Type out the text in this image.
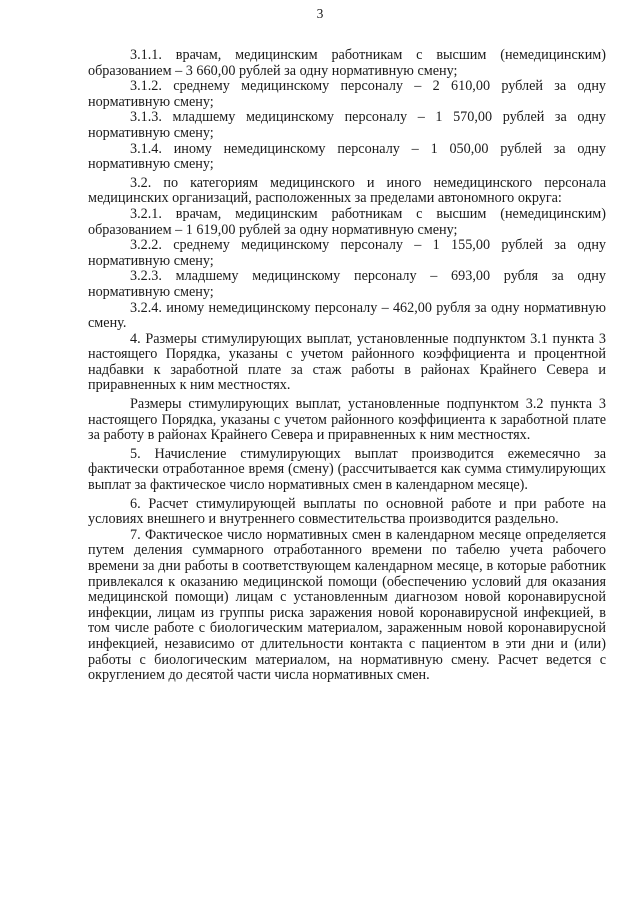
3

3.1.1. врачам, медицинским работникам с высшим (немедицинским) образованием – 3 660,00 рублей за одну нормативную смену;

3.1.2. среднему медицинскому персоналу – 2 610,00 рублей за одну нормативную смену;

3.1.3. младшему медицинскому персоналу – 1 570,00 рублей за одну нормативную смену;

3.1.4. иному немедицинскому персоналу – 1 050,00 рублей за одну нормативную смену;

3.2. по категориям медицинского и иного немедицинского персонала медицинских организаций, расположенных за пределами автономного округа:

3.2.1. врачам, медицинским работникам с высшим (немедицинским) образованием – 1 619,00 рублей за одну нормативную смену;

3.2.2. среднему медицинскому персоналу – 1 155,00 рублей за одну нормативную смену;

3.2.3. младшему медицинскому персоналу – 693,00 рубля за одну нормативную смену;

3.2.4. иному немедицинскому персоналу – 462,00 рубля за одну нормативную смену.

4. Размеры стимулирующих выплат, установленные подпунктом 3.1 пункта 3 настоящего Порядка, указаны с учетом районного коэффициента и процентной надбавки к заработной плате за стаж работы в районах Крайнего Севера и приравненных к ним местностях.

Размеры стимулирующих выплат, установленные подпунктом 3.2 пункта 3 настоящего Порядка, указаны с учетом районного коэффициента к заработной плате за работу в районах Крайнего Севера и приравненных к ним местностях.

5. Начисление стимулирующих выплат производится ежемесячно за фактически отработанное время (смену) (рассчитывается как сумма стимулирующих выплат за фактическое число нормативных смен в календарном месяце).

6. Расчет стимулирующей выплаты по основной работе и при работе на условиях внешнего и внутреннего совместительства производится раздельно.

7. Фактическое число нормативных смен в календарном месяце определяется путем деления суммарного отработанного времени по табелю учета рабочего времени за дни работы в соответствующем календарном месяце, в которые работник привлекался к оказанию медицинской помощи (обеспечению условий для оказания медицинской помощи) лицам с установленным диагнозом новой коронавирусной инфекции, лицам из группы риска заражения новой коронавирусной инфекцией, в том числе работе с биологическим материалом, зараженным новой коронавирусной инфекцией, независимо от длительности контакта с пациентом в эти дни и (или) работы с биологическим материалом, на нормативную смену. Расчет ведется с округлением до десятой части числа нормативных смен.
